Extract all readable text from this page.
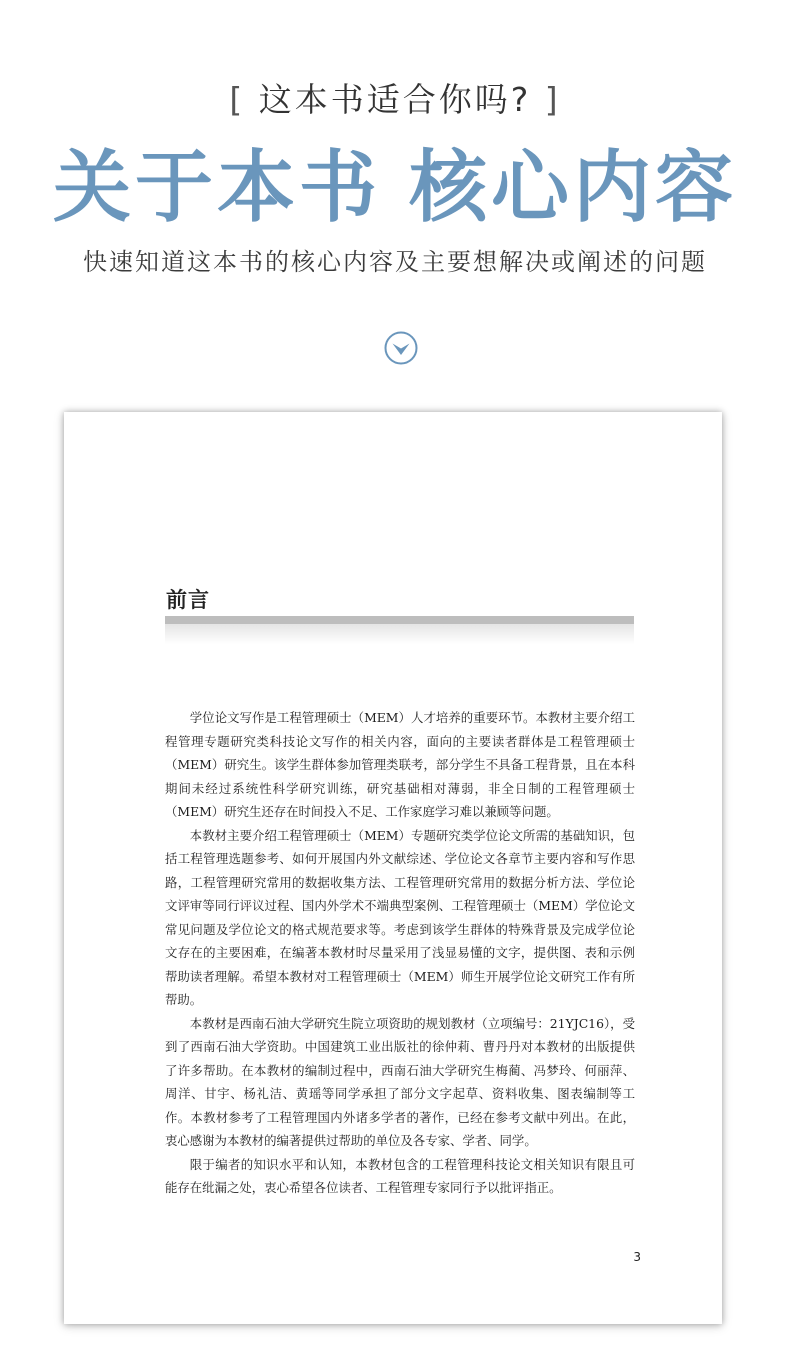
[ 这本书适合你吗? ]
关于本书 核心内容
快速知道这本书的核心内容及主要想解决或阐述的问题
前言

学位论文写作是工程管理硕士（MEM）人才培养的重要环节。本教材主要介绍工程管理专题研究类科技论文写作的相关内容，面向的主要读者群体是工程管理硕士（MEM）研究生。该学生群体参加管理类联考，部分学生不具备工程背景，且在本科期间未经过系统性科学研究训练，研究基础相对薄弱，非全日制的工程管理硕士（MEM）研究生还存在时间投入不足、工作家庭学习难以兼顾等问题。

本教材主要介绍工程管理硕士（MEM）专题研究类学位论文所需的基础知识，包括工程管理选题参考、如何开展国内外文献综述、学位论文各章节主要内容和写作思路，工程管理研究常用的数据收集方法、工程管理研究常用的数据分析方法、学位论文评审等同行评议过程、国内外学术不端典型案例、工程管理硕士（MEM）学位论文常见问题及学位论文的格式规范要求等。考虑到该学生群体的特殊背景及完成学位论文存在的主要困难，在编著本教材时尽量采用了浅显易懂的文字，提供图、表和示例帮助读者理解。希望本教材对工程管理硕士（MEM）师生开展学位论文研究工作有所帮助。

本教材是西南石油大学研究生院立项资助的规划教材（立项编号：21YJC16），受到了西南石油大学资助。中国建筑工业出版社的徐仲莉、曹丹丹对本教材的出版提供了许多帮助。在本教材的编制过程中，西南石油大学研究生梅蔺、冯梦玲、何丽萍、周洋、甘宇、杨礼洁、黄瑶等同学承担了部分文字起草、资料收集、图表编制等工作。本教材参考了工程管理国内外诸多学者的著作，已经在参考文献中列出。在此，衷心感谢为本教材的编著提供过帮助的单位及各专家、学者、同学。

限于编者的知识水平和认知，本教材包含的工程管理科技论文相关知识有限且可能存在纰漏之处，衷心希望各位读者、工程管理专家同行予以批评指正。

3
